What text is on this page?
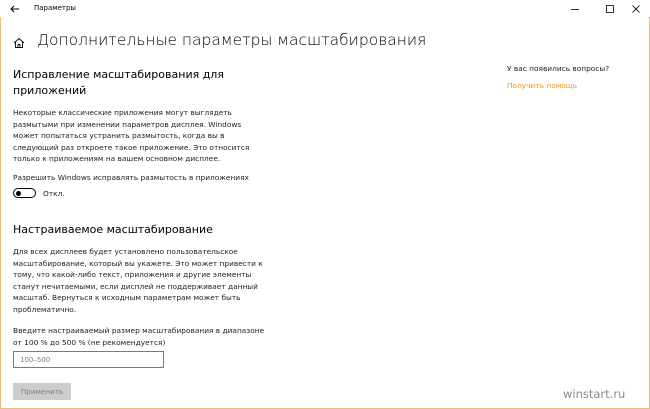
Параметры
Дополнительные параметры масштабирования
Исправление масштабирования для приложений
Некоторые классические приложения могут выглядеть размытыми при изменении параметров дисплея. Windows может попытаться устранить размытость, когда вы в следующий раз откроете такое приложение. Это относится только к приложениям на вашем основном дисплее.
Разрешить Windows исправлять размытость в приложениях
Откл.
Настраиваемое масштабирование
Для всех дисплеев будет установлено пользовательское масштабирование, который вы укажете. Это может привести к тому, что какой-либо текст, приложения и другие элементы станут нечитаемыми, если дисплей не поддерживает данный масштаб. Вернуться к исходным параметрам может быть проблематично.
Введите настраиваемый размер масштабирования в диапазоне от 100 % до 500 % (не рекомендуется)
100–500
Применить
У вас появились вопросы?
Получить помощь
winstart.ru
